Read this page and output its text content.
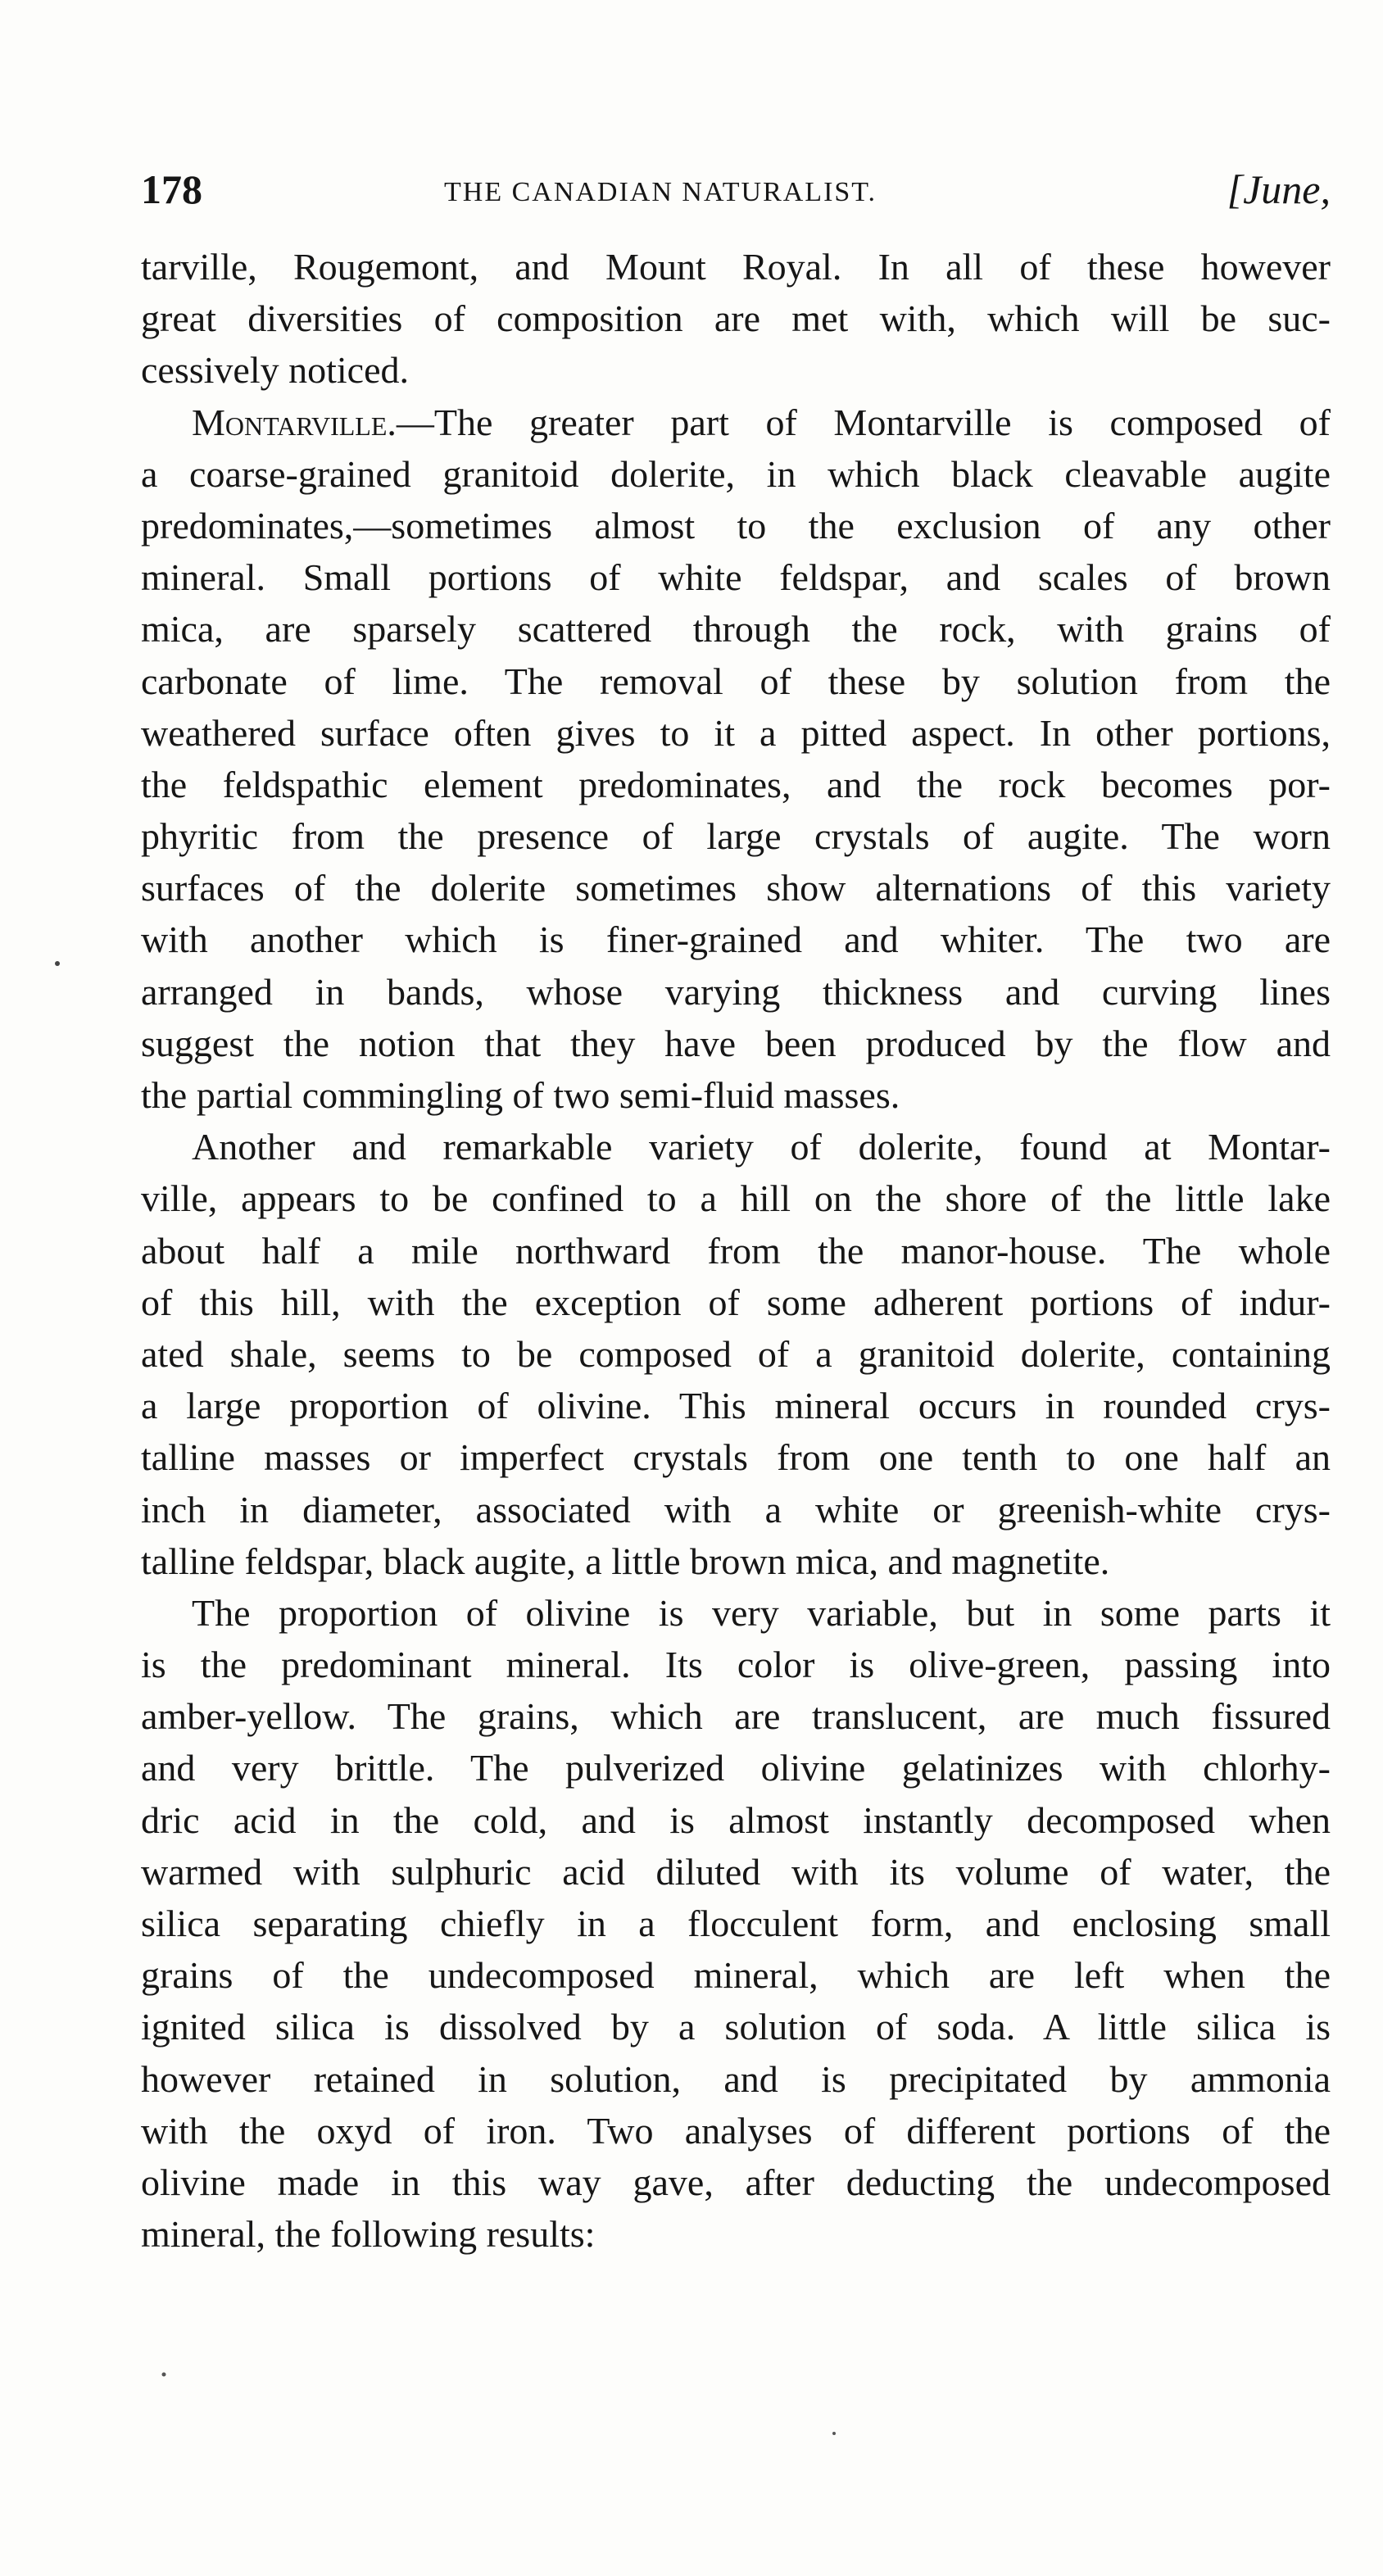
178	THE CANADIAN NATURALIST.	[June,
tarville, Rougemont, and Mount Royal. In all of these however
great diversities of composition are met with, which will be suc-
cessively noticed.
Montarville.—The greater part of Montarville is composed of
a coarse-grained granitoid dolerite, in which black cleavable augite
predominates,—sometimes almost to the exclusion of any other
mineral. Small portions of white feldspar, and scales of brown
mica, are sparsely scattered through the rock, with grains of
carbonate of lime. The removal of these by solution from the
weathered surface often gives to it a pitted aspect. In other portions,
the feldspathic element predominates, and the rock becomes por-
phyritic from the presence of large crystals of augite. The worn
surfaces of the dolerite sometimes show alternations of this variety
with another which is finer-grained and whiter. The two are
arranged in bands, whose varying thickness and curving lines
suggest the notion that they have been produced by the flow and
the partial commingling of two semi-fluid masses.
Another and remarkable variety of dolerite, found at Montar-
ville, appears to be confined to a hill on the shore of the little lake
about half a mile northward from the manor-house. The whole
of this hill, with the exception of some adherent portions of indur-
ated shale, seems to be composed of a granitoid dolerite, containing
a large proportion of olivine. This mineral occurs in rounded crys-
talline masses or imperfect crystals from one tenth to one half an
inch in diameter, associated with a white or greenish-white crys-
talline feldspar, black augite, a little brown mica, and magnetite.
The proportion of olivine is very variable, but in some parts it
is the predominant mineral. Its color is olive-green, passing into
amber-yellow. The grains, which are translucent, are much fissured
and very brittle. The pulverized olivine gelatinizes with chlorhy-
dric acid in the cold, and is almost instantly decomposed when
warmed with sulphuric acid diluted with its volume of water, the
silica separating chiefly in a flocculent form, and enclosing small
grains of the undecomposed mineral, which are left when the
ignited silica is dissolved by a solution of soda. A little silica is
however retained in solution, and is precipitated by ammonia
with the oxyd of iron. Two analyses of different portions of the
olivine made in this way gave, after deducting the undecomposed
mineral, the following results:
